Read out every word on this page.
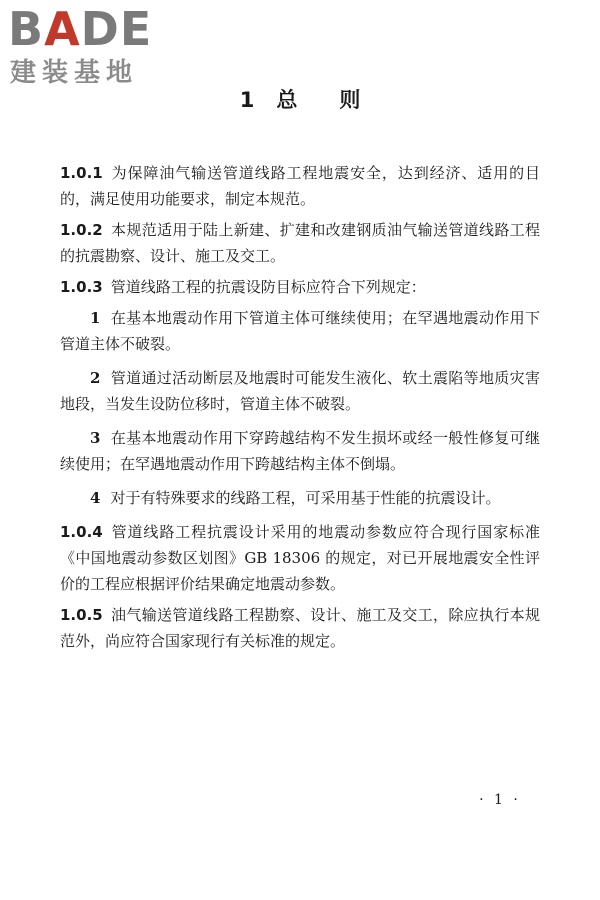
BADE
建装基地
1 总 则

1.0.1 为保障油气输送管道线路工程地震安全，达到经济、适用的目的，满足使用功能要求，制定本规范。

1.0.2 本规范适用于陆上新建、扩建和改建钢质油气输送管道线路工程的抗震勘察、设计、施工及交工。

1.0.3 管道线路工程的抗震设防目标应符合下列规定：

1 在基本地震动作用下管道主体可继续使用；在罕遇地震动作用下管道主体不破裂。

2 管道通过活动断层及地震时可能发生液化、软土震陷等地质灾害地段，当发生设防位移时，管道主体不破裂。

3 在基本地震动作用下穿跨越结构不发生损坏或经一般性修复可继续使用；在罕遇地震动作用下跨越结构主体不倒塌。

4 对于有特殊要求的线路工程，可采用基于性能的抗震设计。

1.0.4 管道线路工程抗震设计采用的地震动参数应符合现行国家标准《中国地震动参数区划图》GB 18306 的规定，对已开展地震安全性评价的工程应根据评价结果确定地震动参数。

1.0.5 油气输送管道线路工程勘察、设计、施工及交工，除应执行本规范外，尚应符合国家现行有关标准的规定。

· 1 ·
